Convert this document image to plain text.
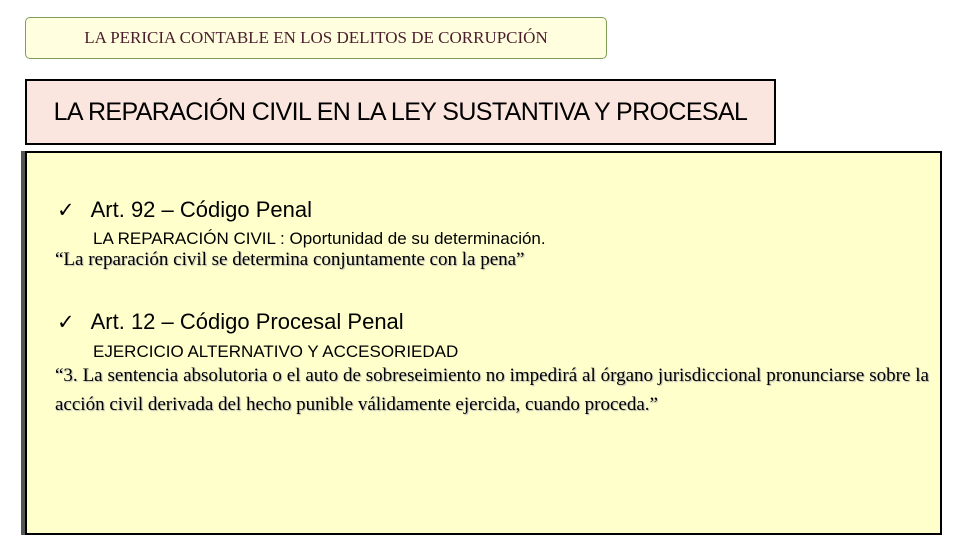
LA PERICIA CONTABLE EN LOS DELITOS DE CORRUPCIÓN
LA REPARACIÓN CIVIL EN LA LEY SUSTANTIVA Y PROCESAL
✓ Art. 92 – Código Penal
LA REPARACIÓN CIVIL : Oportunidad de su determinación.
“La reparación civil se determina conjuntamente con la pena”
✓ Art. 12 – Código Procesal Penal
EJERCICIO ALTERNATIVO Y ACCESORIEDAD
“3. La sentencia absolutoria o el auto de sobreseimiento no impedirá al órgano jurisdiccional pronunciarse sobre la acción civil derivada del hecho punible válidamente ejercida, cuando proceda.”
